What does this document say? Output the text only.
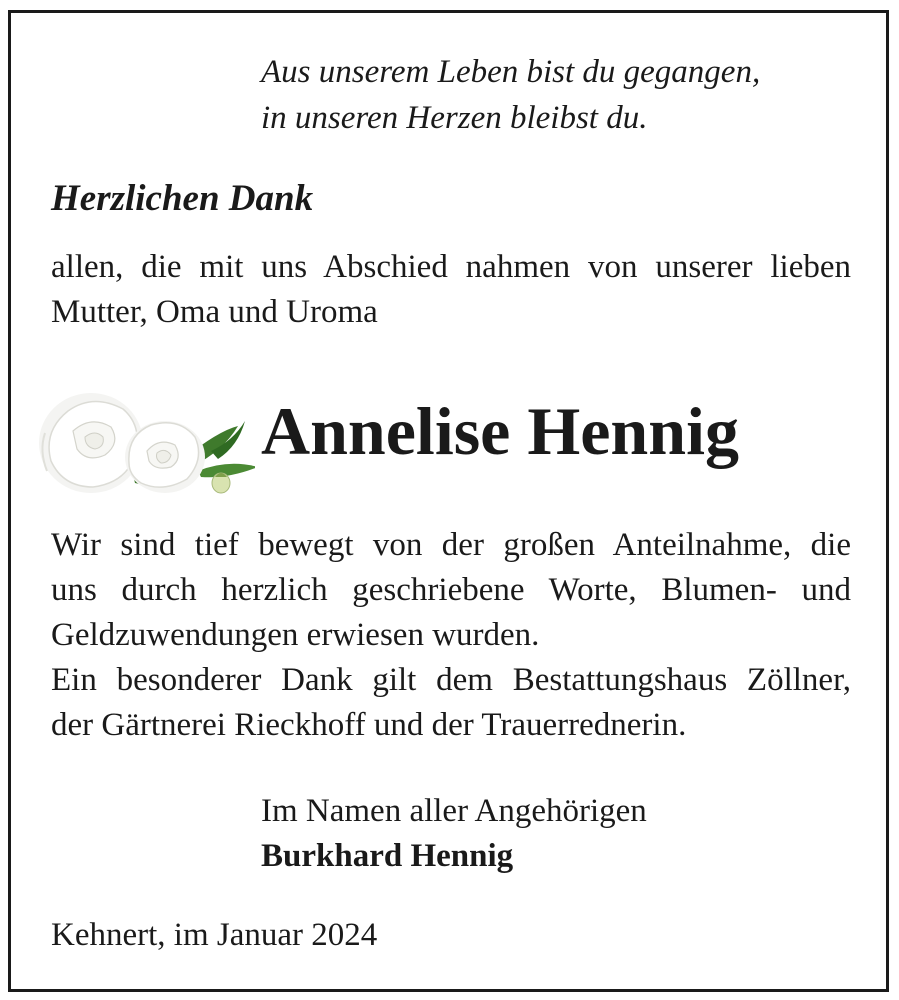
Aus unserem Leben bist du gegangen,
in unseren Herzen bleibst du.
Herzlichen Dank
allen, die mit uns Abschied nahmen von unserer lieben
Mutter, Oma und Uroma
Annelise Hennig
Wir sind tief bewegt von der großen Anteilnahme, die
uns durch herzlich geschriebene Worte, Blumen- und
Geldzuwendungen erwiesen wurden.
Ein besonderer Dank gilt dem Bestattungshaus Zöllner,
der Gärtnerei Rieckhoff und der Trauerrednerin.
Im Namen aller Angehörigen
Burkhard Hennig
Kehnert, im Januar 2024
